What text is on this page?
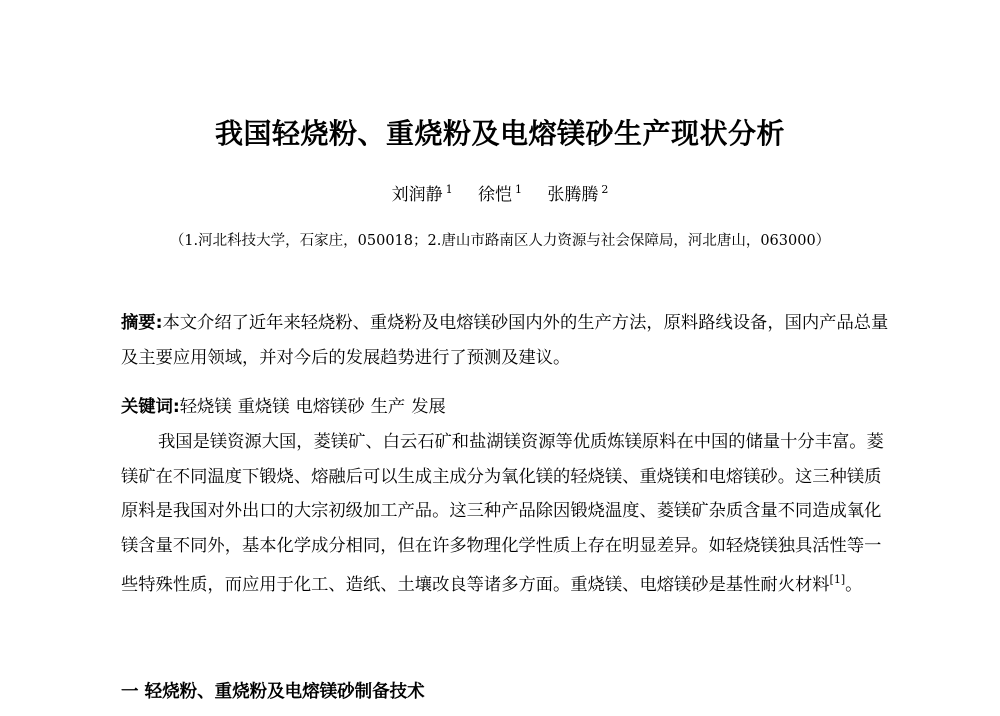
我国轻烧粉、重烧粉及电熔镁砂生产现状分析
刘润静 $^1$ 徐恺 $^1$ 张腾腾 $^2$
（1.河北科技大学，石家庄，050018；2.唐山市路南区人力资源与社会保障局，河北唐山，063000）
摘要:本文介绍了近年来轻烧粉、重烧粉及电熔镁砂国内外的生产方法，原料路线设备，国内产品总量及主要应用领域，并对今后的发展趋势进行了预测及建议。
关键词:轻烧镁 重烧镁 电熔镁砂 生产 发展
我国是镁资源大国，菱镁矿、白云石矿和盐湖镁资源等优质炼镁原料在中国的储量十分丰富。菱镁矿在不同温度下锻烧、熔融后可以生成主成分为氧化镁的轻烧镁、重烧镁和电熔镁砂。这三种镁质原料是我国对外出口的大宗初级加工产品。这三种产品除因锻烧温度、菱镁矿杂质含量不同造成氧化镁含量不同外，基本化学成分相同，但在许多物理化学性质上存在明显差异。如轻烧镁独具活性等一些特殊性质，而应用于化工、造纸、土壤改良等诸多方面。重烧镁、电熔镁砂是基性耐火材料[1]。
一 轻烧粉、重烧粉及电熔镁砂制备技术
